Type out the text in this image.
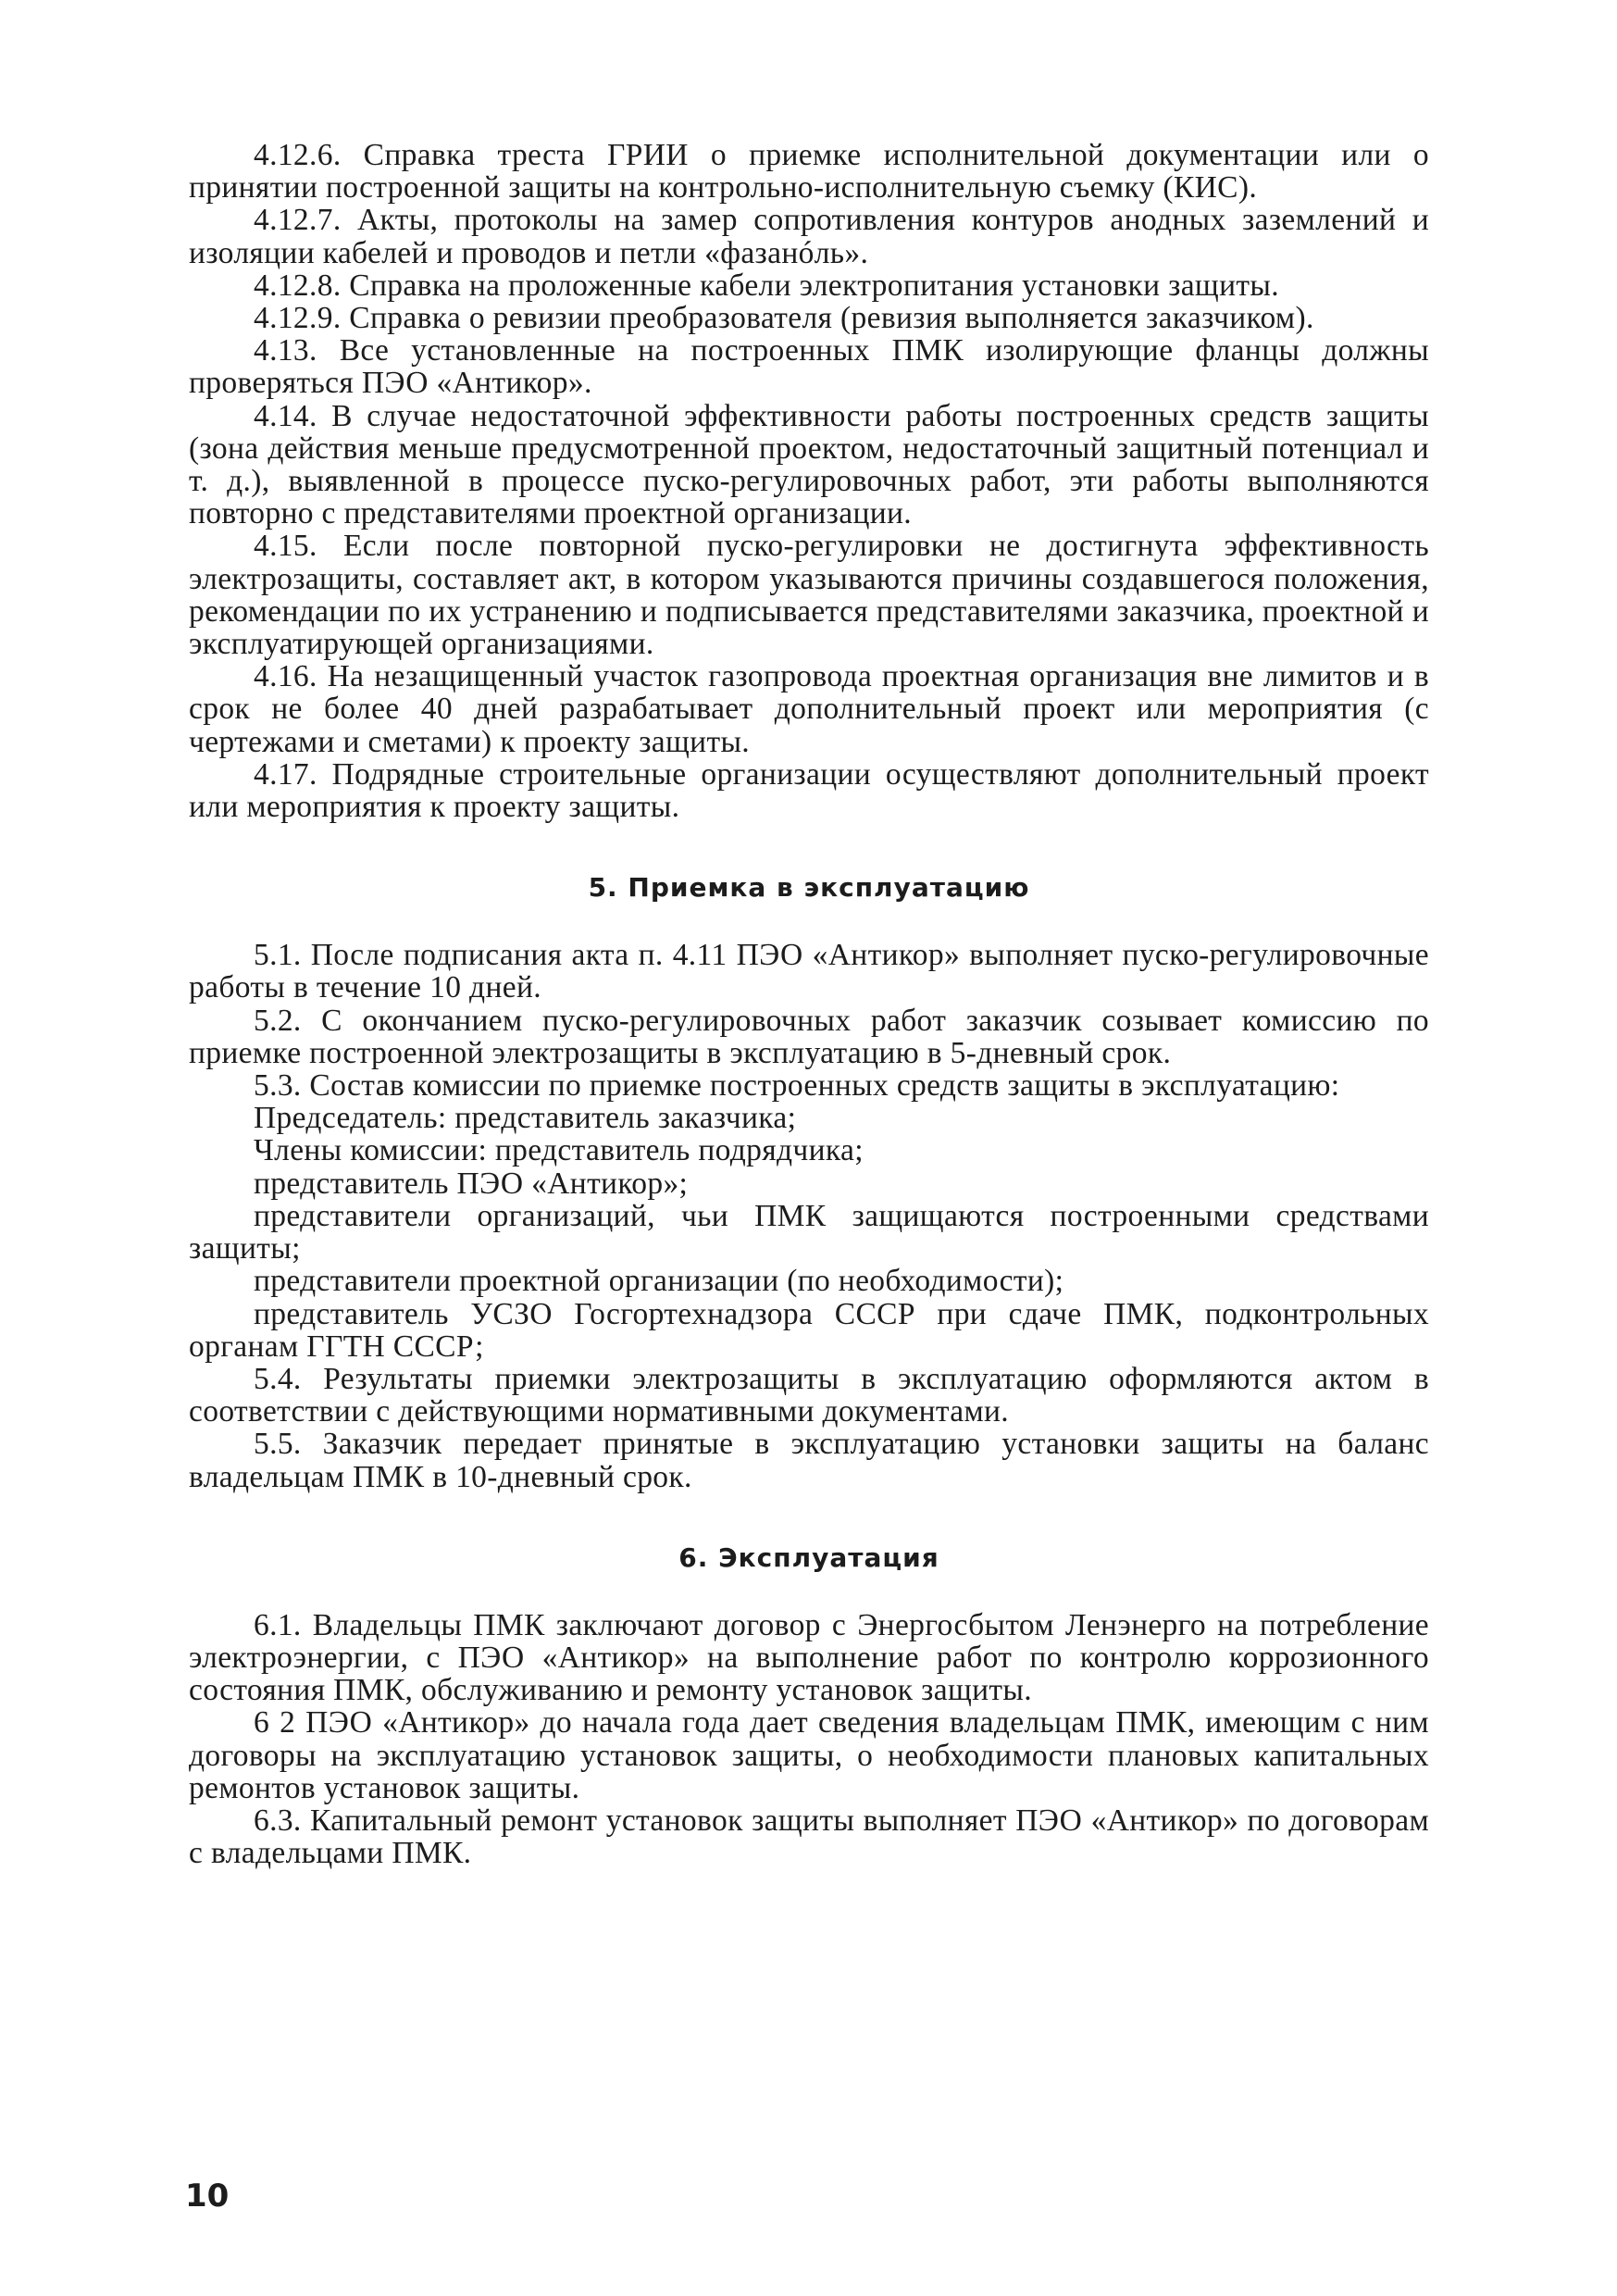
4.12.6. Справка треста ГРИИ о приемке исполнительной документации или о принятии построенной защиты на контрольно-исполнительную съемку (КИС).

4.12.7. Акты, протоколы на замер сопротивления контуров анодных заземлений и изоляции кабелей и проводов и петли «фазанóль».

4.12.8. Справка на проложенные кабели электропитания установки защиты.

4.12.9. Справка о ревизии преобразователя (ревизия выполняется заказчиком).

4.13. Все установленные на построенных ПМК изолирующие фланцы должны проверяться ПЭО «Антикор».

4.14. В случае недостаточной эффективности работы построенных средств защиты (зона действия меньше предусмотренной проектом, недостаточный защитный потенциал и т. д.), выявленной в процессе пуско-регулировочных работ, эти работы выполняются повторно с представителями проектной организации.

4.15. Если после повторной пуско-регулировки не достигнута эффективность электрозащиты, составляет акт, в котором указываются причины создавшегося положения, рекомендации по их устранению и подписывается представителями заказчика, проектной и эксплуатирующей организациями.

4.16. На незащищенный участок газопровода проектная организация вне лимитов и в срок не более 40 дней разрабатывает дополнительный проект или мероприятия (с чертежами и сметами) к проекту защиты.

4.17. Подрядные строительные организации осуществляют дополнительный проект или мероприятия к проекту защиты.

5. Приемка в эксплуатацию

5.1. После подписания акта п. 4.11 ПЭО «Антикор» выполняет пуско-регулировочные работы в течение 10 дней.

5.2. С окончанием пуско-регулировочных работ заказчик созывает комиссию по приемке построенной электрозащиты в эксплуатацию в 5-дневный срок.

5.3. Состав комиссии по приемке построенных средств защиты в эксплуатацию:

Председатель: представитель заказчика;

Члены комиссии: представитель подрядчика;

представитель ПЭО «Антикор»;

представители организаций, чьи ПМК защищаются построенными средствами защиты;

представители проектной организации (по необходимости);

представитель УСЗО Госгортехнадзора СССР при сдаче ПМК, подконтрольных органам ГГТН СССР;

5.4. Результаты приемки электрозащиты в эксплуатацию оформляются актом в соответствии с действующими нормативными документами.

5.5. Заказчик передает принятые в эксплуатацию установки защиты на баланс владельцам ПМК в 10-дневный срок.

6. Эксплуатация

6.1. Владельцы ПМК заключают договор с Энергосбытом Ленэнерго на потребление электроэнергии, с ПЭО «Антикор» на выполнение работ по контролю коррозионного состояния ПМК, обслуживанию и ремонту установок защиты.

6 2 ПЭО «Антикор» до начала года дает сведения владельцам ПМК, имеющим с ним договоры на эксплуатацию установок защиты, о необходимости плановых капитальных ремонтов установок защиты.

6.3. Капитальный ремонт установок защиты выполняет ПЭО «Антикор» по договорам с владельцами ПМК.

10
